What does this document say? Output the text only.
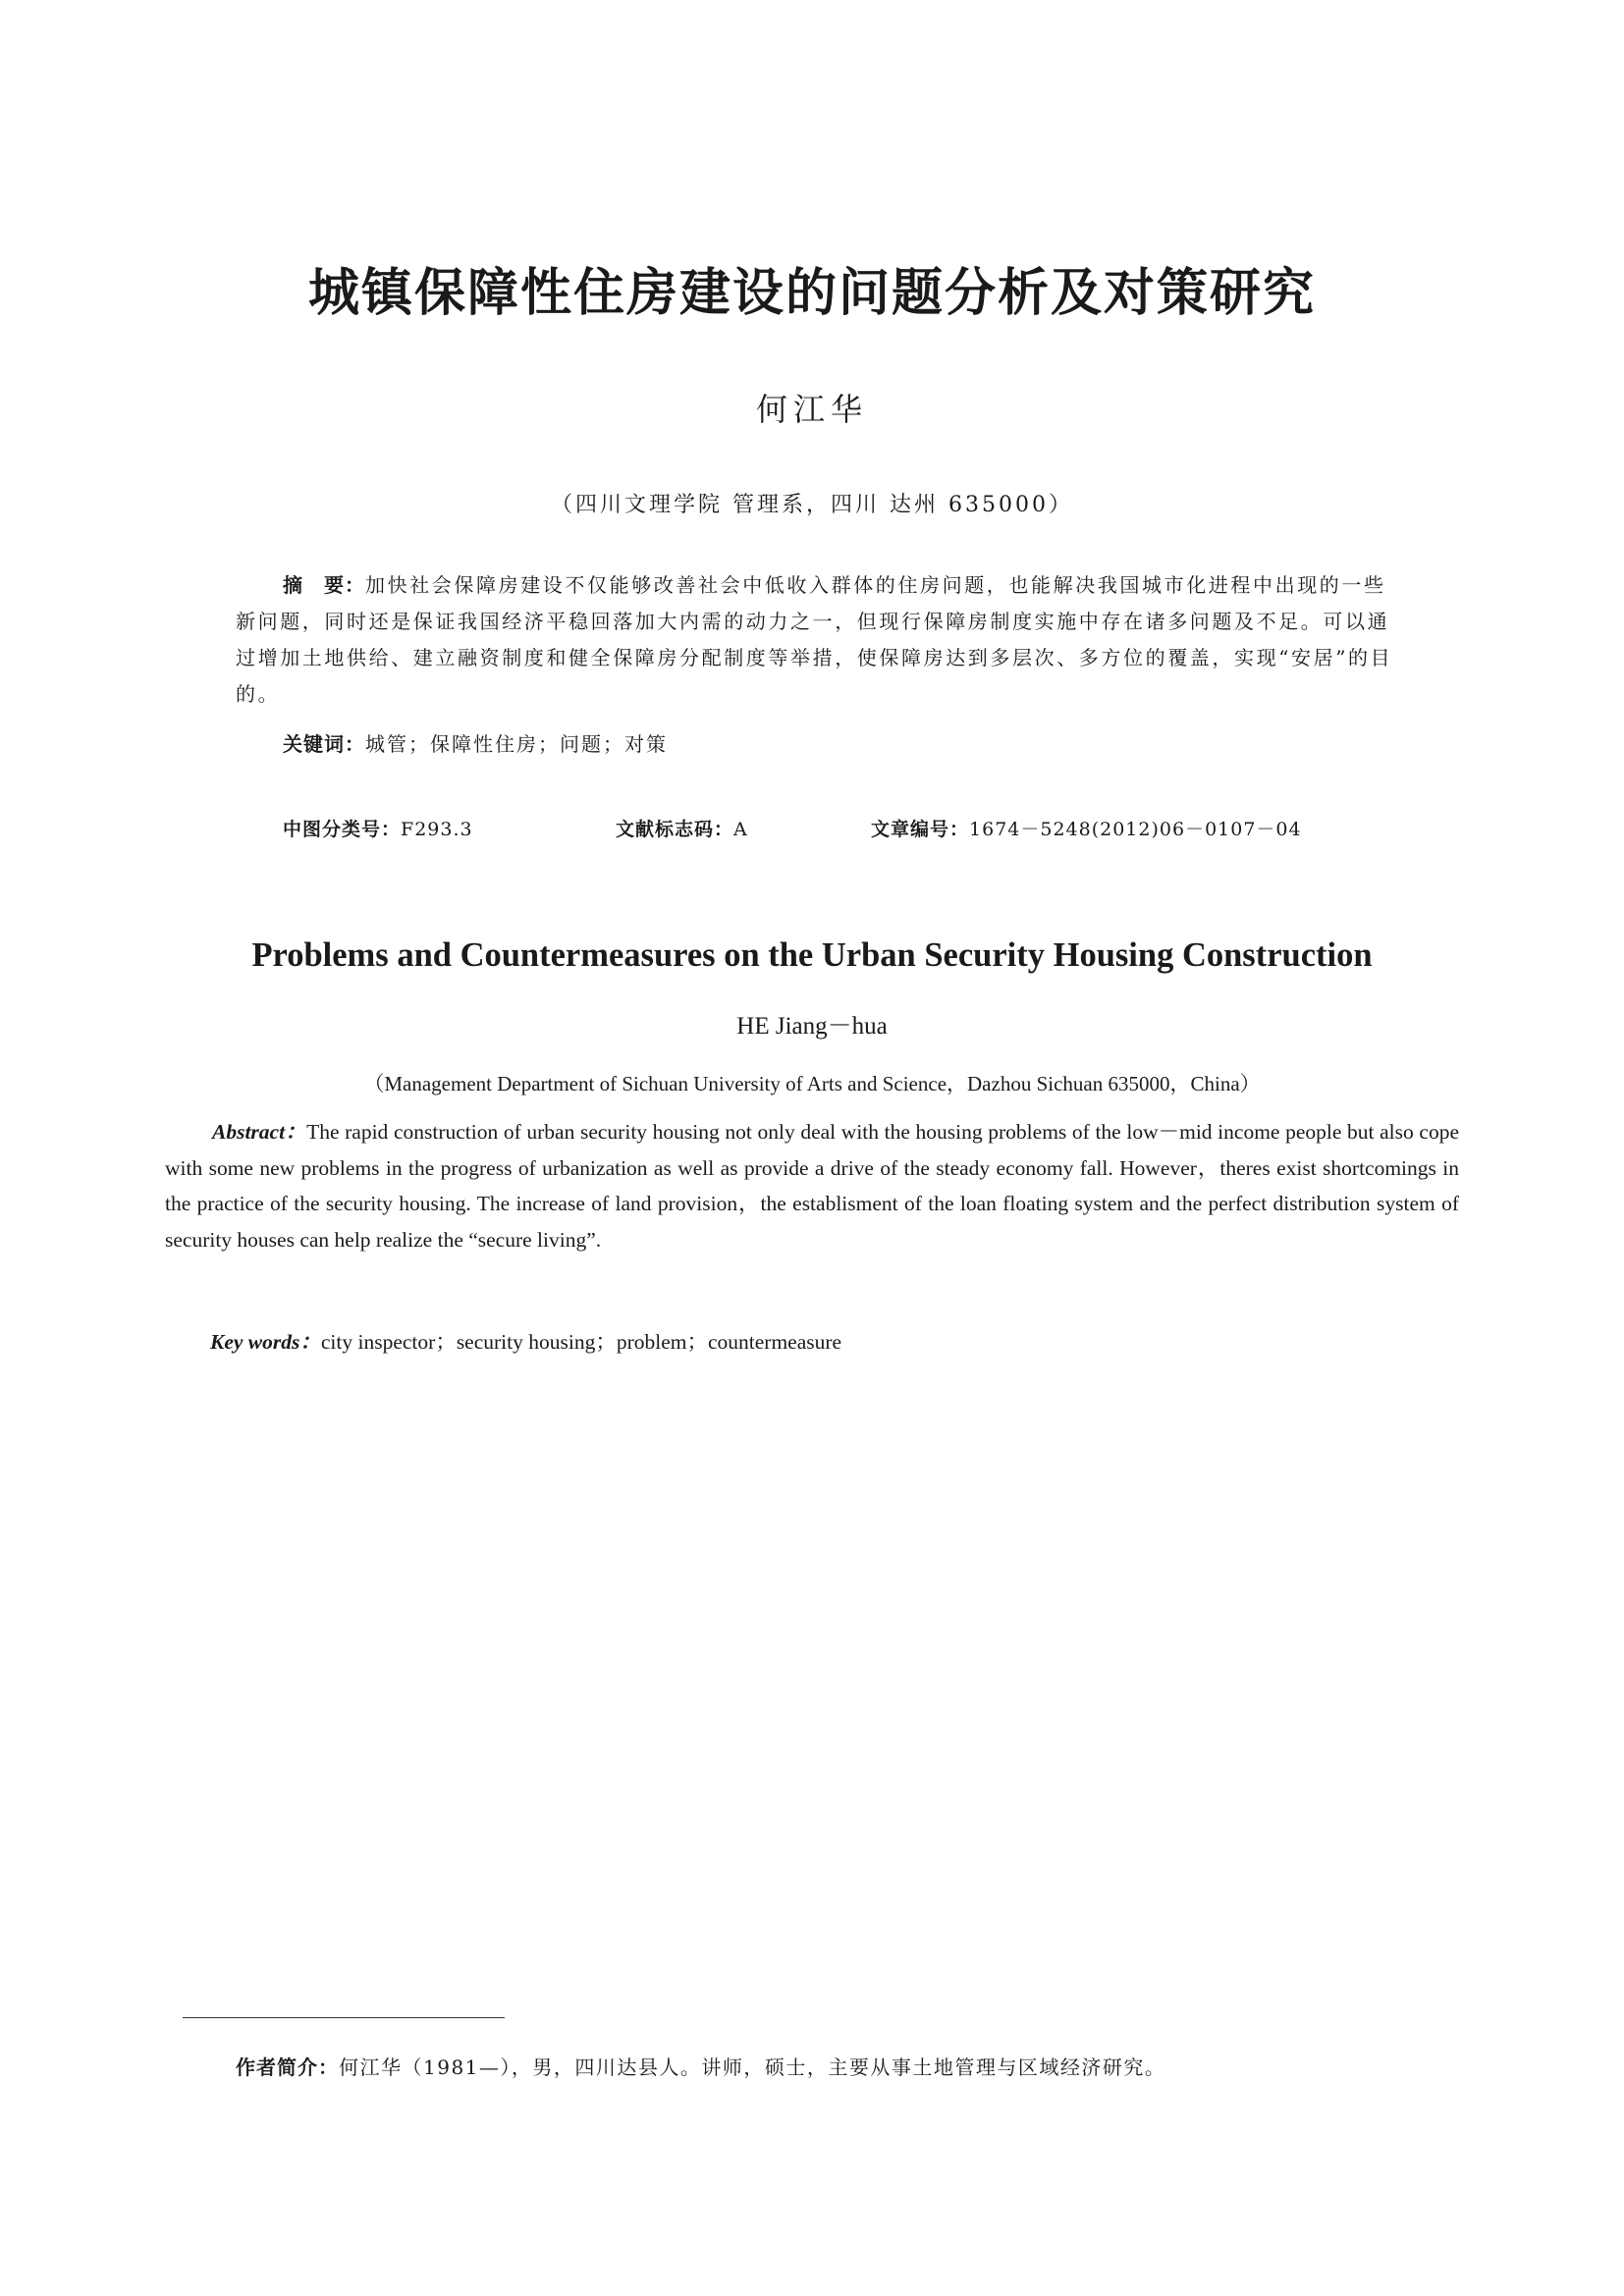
城镇保障性住房建设的问题分析及对策研究
何江华
（四川文理学院 管理系，四川 达州 635000）

摘　要：加快社会保障房建设不仅能够改善社会中低收入群体的住房问题，也能解决我国城市化进程中出现的一些新问题，同时还是保证我国经济平稳回落加大内需的动力之一，但现行保障房制度实施中存在诸多问题及不足。可以通过增加土地供给、建立融资制度和健全保障房分配制度等举措，使保障房达到多层次、多方位的覆盖，实现“安居”的目的。

关键词：城管；保障性住房；问题；对策
中图分类号：F293.3	文献标志码：A	文章编号：1674－5248(2012)06－0107－04
Problems and Countermeasures on the Urban Security Housing Construction
HE Jiang－hua
（Management Department of Sichuan University of Arts and Science，Dazhou Sichuan 635000，China）

Abstract：The rapid construction of urban security housing not only deal with the housing problems of the low－mid income people but also cope with some new problems in the progress of urbanization as well as provide a drive of the steady economy fall. However，theres exist shortcomings in the practice of the security housing. The increase of land provision，the establisment of the loan floating system and the perfect distribution system of security houses can help realize the “secure living”.

Key words：city inspector；security housing；problem；countermeasure
作者简介：何江华（1981—），男，四川达县人。讲师，硕士，主要从事土地管理与区域经济研究。
